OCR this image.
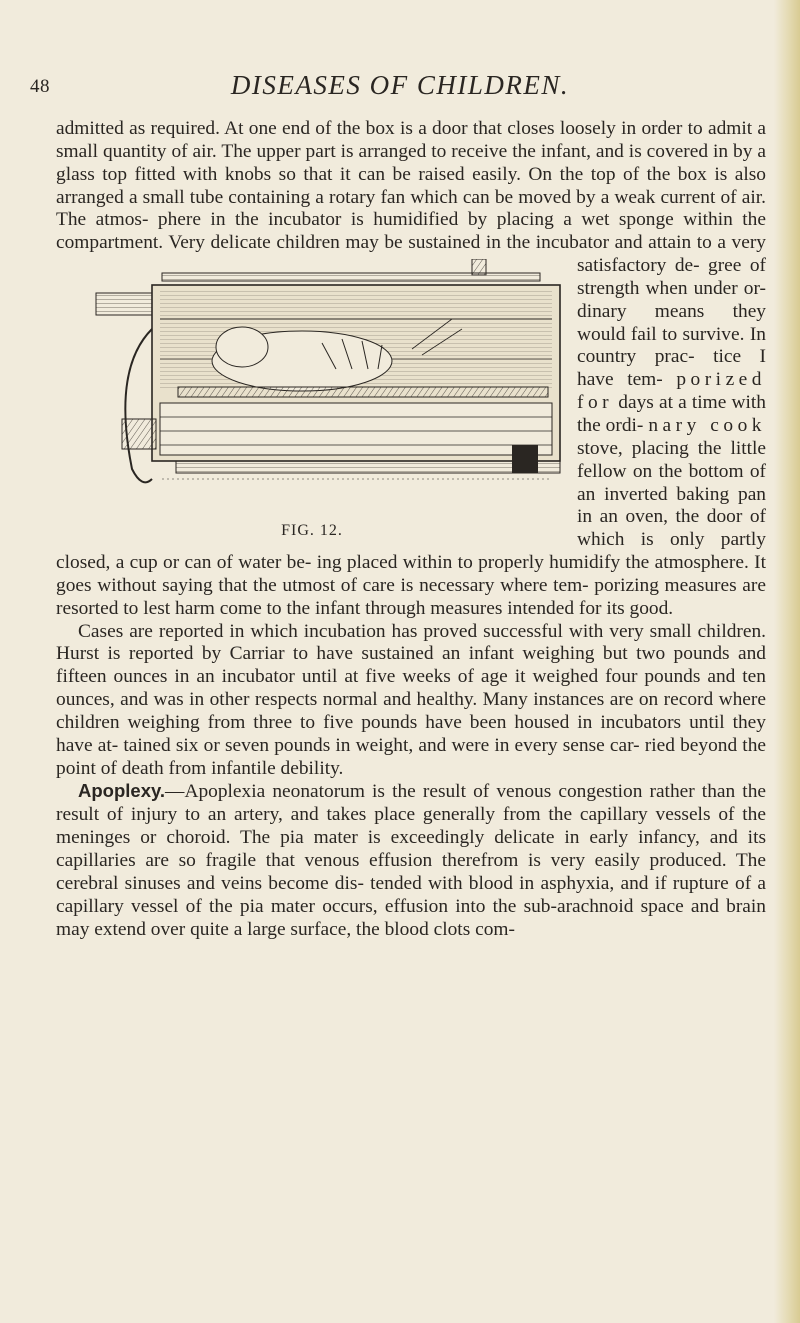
48	DISEASES OF CHILDREN.

admitted as required. At one end of the box is a door that closes loosely in order to admit a small quantity of air. The upper part is arranged to receive the infant, and is covered in by a glass top fitted with knobs so that it can be raised easily. On the top of the box is also arranged a small tube containing a rotary fan which can be moved by a weak current of air. The atmos- phere in the incubator is humidified by placing a wet sponge within the compartment. Very delicate children may be sustained in the
FIG. 12.
incubator and attain to a very satisfactory de- gree of strength when under or- dinary means they would fail to survive. In country prac- tice I have tem- porized for days at a time with the ordi- nary cook stove, placing the little fellow on the bottom of an inverted baking pan in an oven, the door of which is only partly closed, a cup or can of water be- ing placed within to properly humidify the atmosphere. It goes without saying that the utmost of care is necessary where tem- porizing measures are resorted to lest harm come to the infant through measures intended for its good.

Cases are reported in which incubation has proved successful with very small children. Hurst is reported by Carriar to have sustained an infant weighing but two pounds and fifteen ounces in an incubator until at five weeks of age it weighed four pounds and ten ounces, and was in other respects normal and healthy. Many instances are on record where children weighing from three to five pounds have been housed in incubators until they have at- tained six or seven pounds in weight, and were in every sense car- ried beyond the point of death from infantile debility.

Apoplexy.—Apoplexia neonatorum is the result of venous congestion rather than the result of injury to an artery, and takes place generally from the capillary vessels of the meninges or choroid. The pia mater is exceedingly delicate in early infancy, and its capillaries are so fragile that venous effusion therefrom is very easily produced. The cerebral sinuses and veins become dis- tended with blood in asphyxia, and if rupture of a capillary vessel of the pia mater occurs, effusion into the sub-arachnoid space and brain may extend over quite a large surface, the blood clots com-
